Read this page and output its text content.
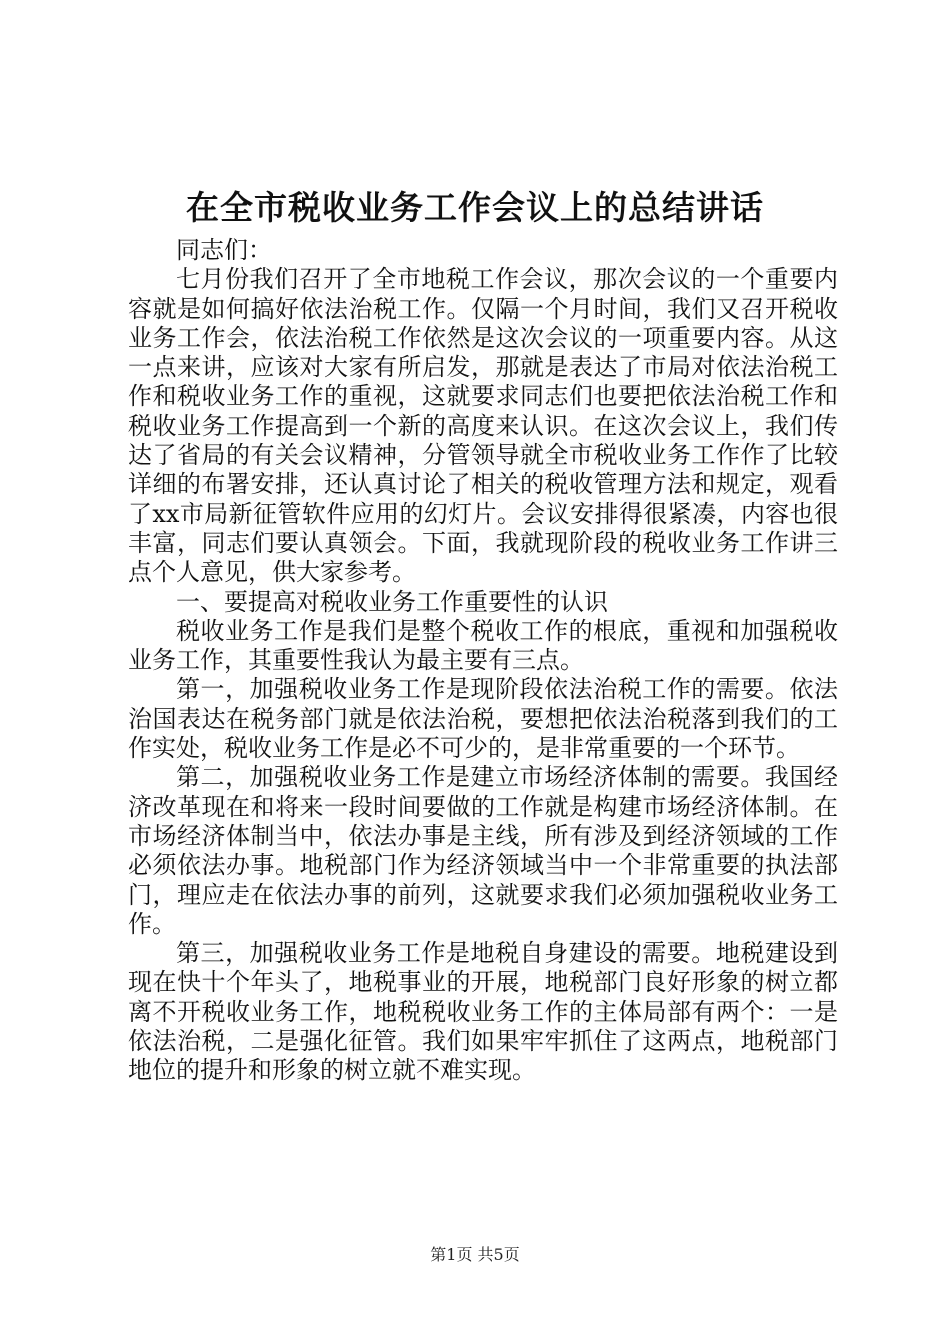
在全市税收业务工作会议上的总结讲话

同志们：

七月份我们召开了全市地税工作会议，那次会议的一个重要内容就是如何搞好依法治税工作。仅隔一个月时间，我们又召开税收业务工作会，依法治税工作依然是这次会议的一项重要内容。从这一点来讲，应该对大家有所启发，那就是表达了市局对依法治税工作和税收业务工作的重视，这就要求同志们也要把依法治税工作和税收业务工作提高到一个新的高度来认识。在这次会议上，我们传达了省局的有关会议精神，分管领导就全市税收业务工作作了比较详细的布署安排，还认真讨论了相关的税收管理方法和规定，观看了xx市局新征管软件应用的幻灯片。会议安排得很紧凑，内容也很丰富，同志们要认真领会。下面，我就现阶段的税收业务工作讲三点个人意见，供大家参考。

一、要提高对税收业务工作重要性的认识

税收业务工作是我们是整个税收工作的根底，重视和加强税收业务工作，其重要性我认为最主要有三点。

第一，加强税收业务工作是现阶段依法治税工作的需要。依法治国表达在税务部门就是依法治税，要想把依法治税落到我们的工作实处，税收业务工作是必不可少的，是非常重要的一个环节。

第二，加强税收业务工作是建立市场经济体制的需要。我国经济改革现在和将来一段时间要做的工作就是构建市场经济体制。在市场经济体制当中，依法办事是主线，所有涉及到经济领域的工作必须依法办事。地税部门作为经济领域当中一个非常重要的执法部门，理应走在依法办事的前列，这就要求我们必须加强税收业务工作。

第三，加强税收业务工作是地税自身建设的需要。地税建设到现在快十个年头了，地税事业的开展，地税部门良好形象的树立都离不开税收业务工作，地税税收业务工作的主体局部有两个：一是依法治税，二是强化征管。我们如果牢牢抓住了这两点，地税部门地位的提升和形象的树立就不难实现。

第1页 共5页
